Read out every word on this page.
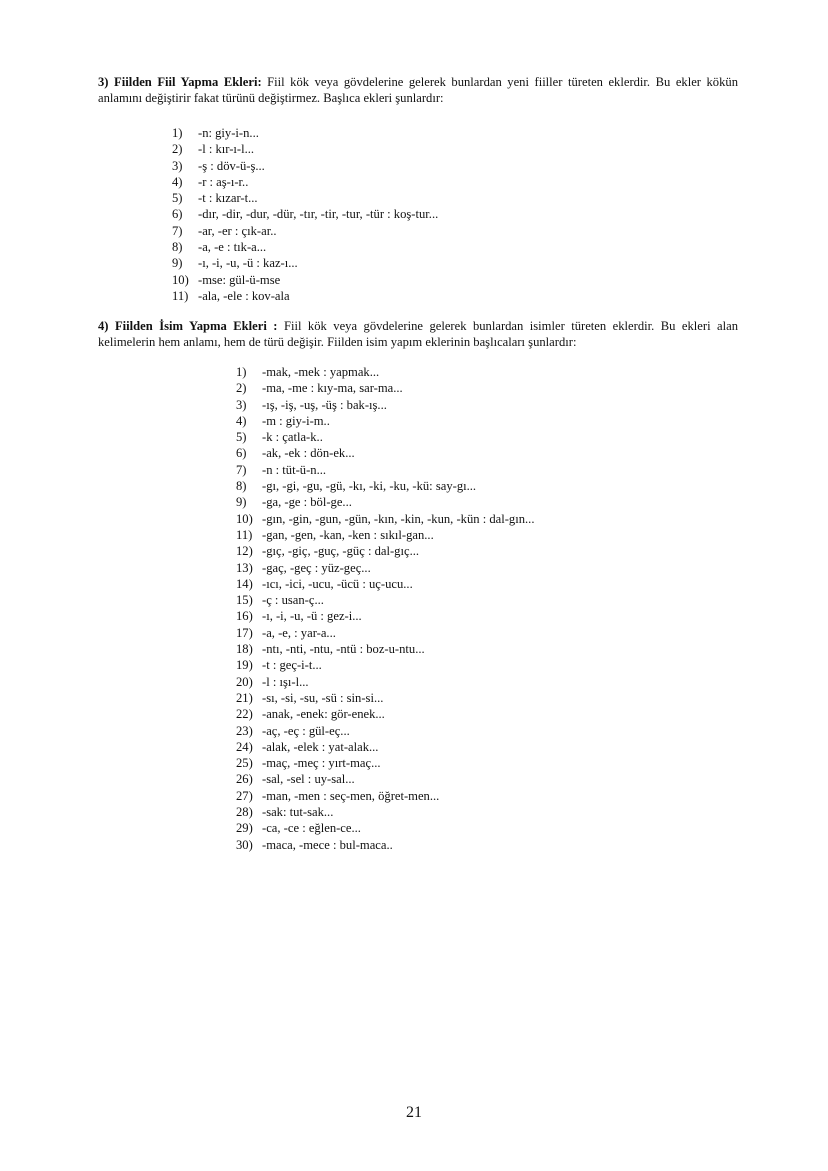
3) Fiilden Fiil Yapma Ekleri: Fiil kök veya gövdelerine gelerek bunlardan yeni fiiller türeten eklerdir. Bu ekler kökün anlamını değiştirir fakat türünü değiştirmez. Başlıca ekleri şunlardır:

1)	-n: giy-i-n...
2)	-l : kır-ı-l...
3)	-ş : döv-ü-ş...
4)	-r : aş-ı-r..
5)	-t : kızar-t...
6)	-dır, -dir, -dur, -dür, -tır, -tir, -tur, -tür : koş-tur...
7)	-ar, -er : çık-ar..
8)	-a, -e : tık-a...
9)	-ı, -i, -u, -ü : kaz-ı...
10) -mse: gül-ü-mse
11) -ala, -ele : kov-ala

4) Fiilden İsim Yapma Ekleri : Fiil kök veya gövdelerine gelerek bunlardan isimler türeten eklerdir. Bu ekleri alan kelimelerin hem anlamı, hem de türü değişir. Fiilden isim yapım eklerinin başlıcaları şunlardır:

1)	-mak, -mek : yapmak...
2)	-ma, -me : kıy-ma, sar-ma...
3)	-ış, -iş, -uş, -üş : bak-ış...
4)	-m : giy-i-m..
5)	-k : çatla-k..
6)	-ak, -ek : dön-ek...
7)	-n : tüt-ü-n...
8)	-gı, -gi, -gu, -gü, -kı, -ki, -ku, -kü: say-gı...
9)	-ga, -ge : böl-ge...
10) -gın, -gin, -gun, -gün, -kın, -kin, -kun, -kün : dal-gın...
11) -gan, -gen, -kan, -ken : sıkıl-gan...
12) -gıç, -giç, -guç, -güç : dal-gıç...
13) -gaç, -geç : yüz-geç...
14) -ıcı, -ici, -ucu, -ücü : uç-ucu...
15) -ç : usan-ç...
16) -ı, -i, -u, -ü : gez-i...
17) -a, -e, : yar-a...
18) -ntı, -nti, -ntu, -ntü : boz-u-ntu...
19) -t : geç-i-t...
20) -l : ışı-l...
21) -sı, -si, -su, -sü : sin-si...
22) -anak, -enek: gör-enek...
23) -aç, -eç : gül-eç...
24) -alak, -elek : yat-alak...
25) -maç, -meç : yırt-maç...
26) -sal, -sel : uy-sal...
27) -man, -men : seç-men, öğret-men...
28) -sak: tut-sak...
29) -ca, -ce : eğlen-ce...
30) -maca, -mece : bul-maca..
21
